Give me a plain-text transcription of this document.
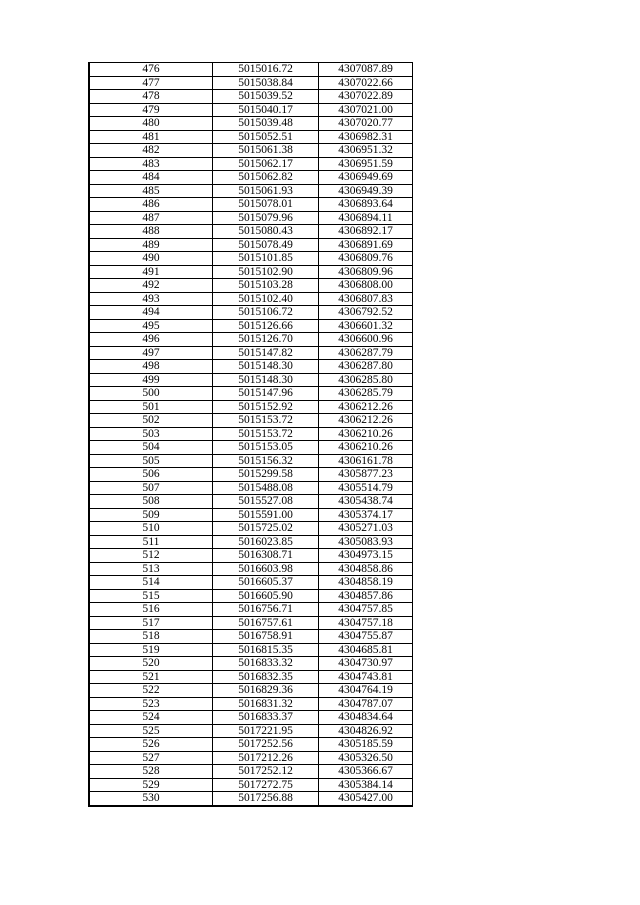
476	5015016.72	4307087.89
477	5015038.84	4307022.66
478	5015039.52	4307022.89
479	5015040.17	4307021.00
480	5015039.48	4307020.77
481	5015052.51	4306982.31
482	5015061.38	4306951.32
483	5015062.17	4306951.59
484	5015062.82	4306949.69
485	5015061.93	4306949.39
486	5015078.01	4306893.64
487	5015079.96	4306894.11
488	5015080.43	4306892.17
489	5015078.49	4306891.69
490	5015101.85	4306809.76
491	5015102.90	4306809.96
492	5015103.28	4306808.00
493	5015102.40	4306807.83
494	5015106.72	4306792.52
495	5015126.66	4306601.32
496	5015126.70	4306600.96
497	5015147.82	4306287.79
498	5015148.30	4306287.80
499	5015148.30	4306285.80
500	5015147.96	4306285.79
501	5015152.92	4306212.26
502	5015153.72	4306212.26
503	5015153.72	4306210.26
504	5015153.05	4306210.26
505	5015156.32	4306161.78
506	5015299.58	4305877.23
507	5015488.08	4305514.79
508	5015527.08	4305438.74
509	5015591.00	4305374.17
510	5015725.02	4305271.03
511	5016023.85	4305083.93
512	5016308.71	4304973.15
513	5016603.98	4304858.86
514	5016605.37	4304858.19
515	5016605.90	4304857.86
516	5016756.71	4304757.85
517	5016757.61	4304757.18
518	5016758.91	4304755.87
519	5016815.35	4304685.81
520	5016833.32	4304730.97
521	5016832.35	4304743.81
522	5016829.36	4304764.19
523	5016831.32	4304787.07
524	5016833.37	4304834.64
525	5017221.95	4304826.92
526	5017252.56	4305185.59
527	5017212.26	4305326.50
528	5017252.12	4305366.67
529	5017272.75	4305384.14
530	5017256.88	4305427.00
